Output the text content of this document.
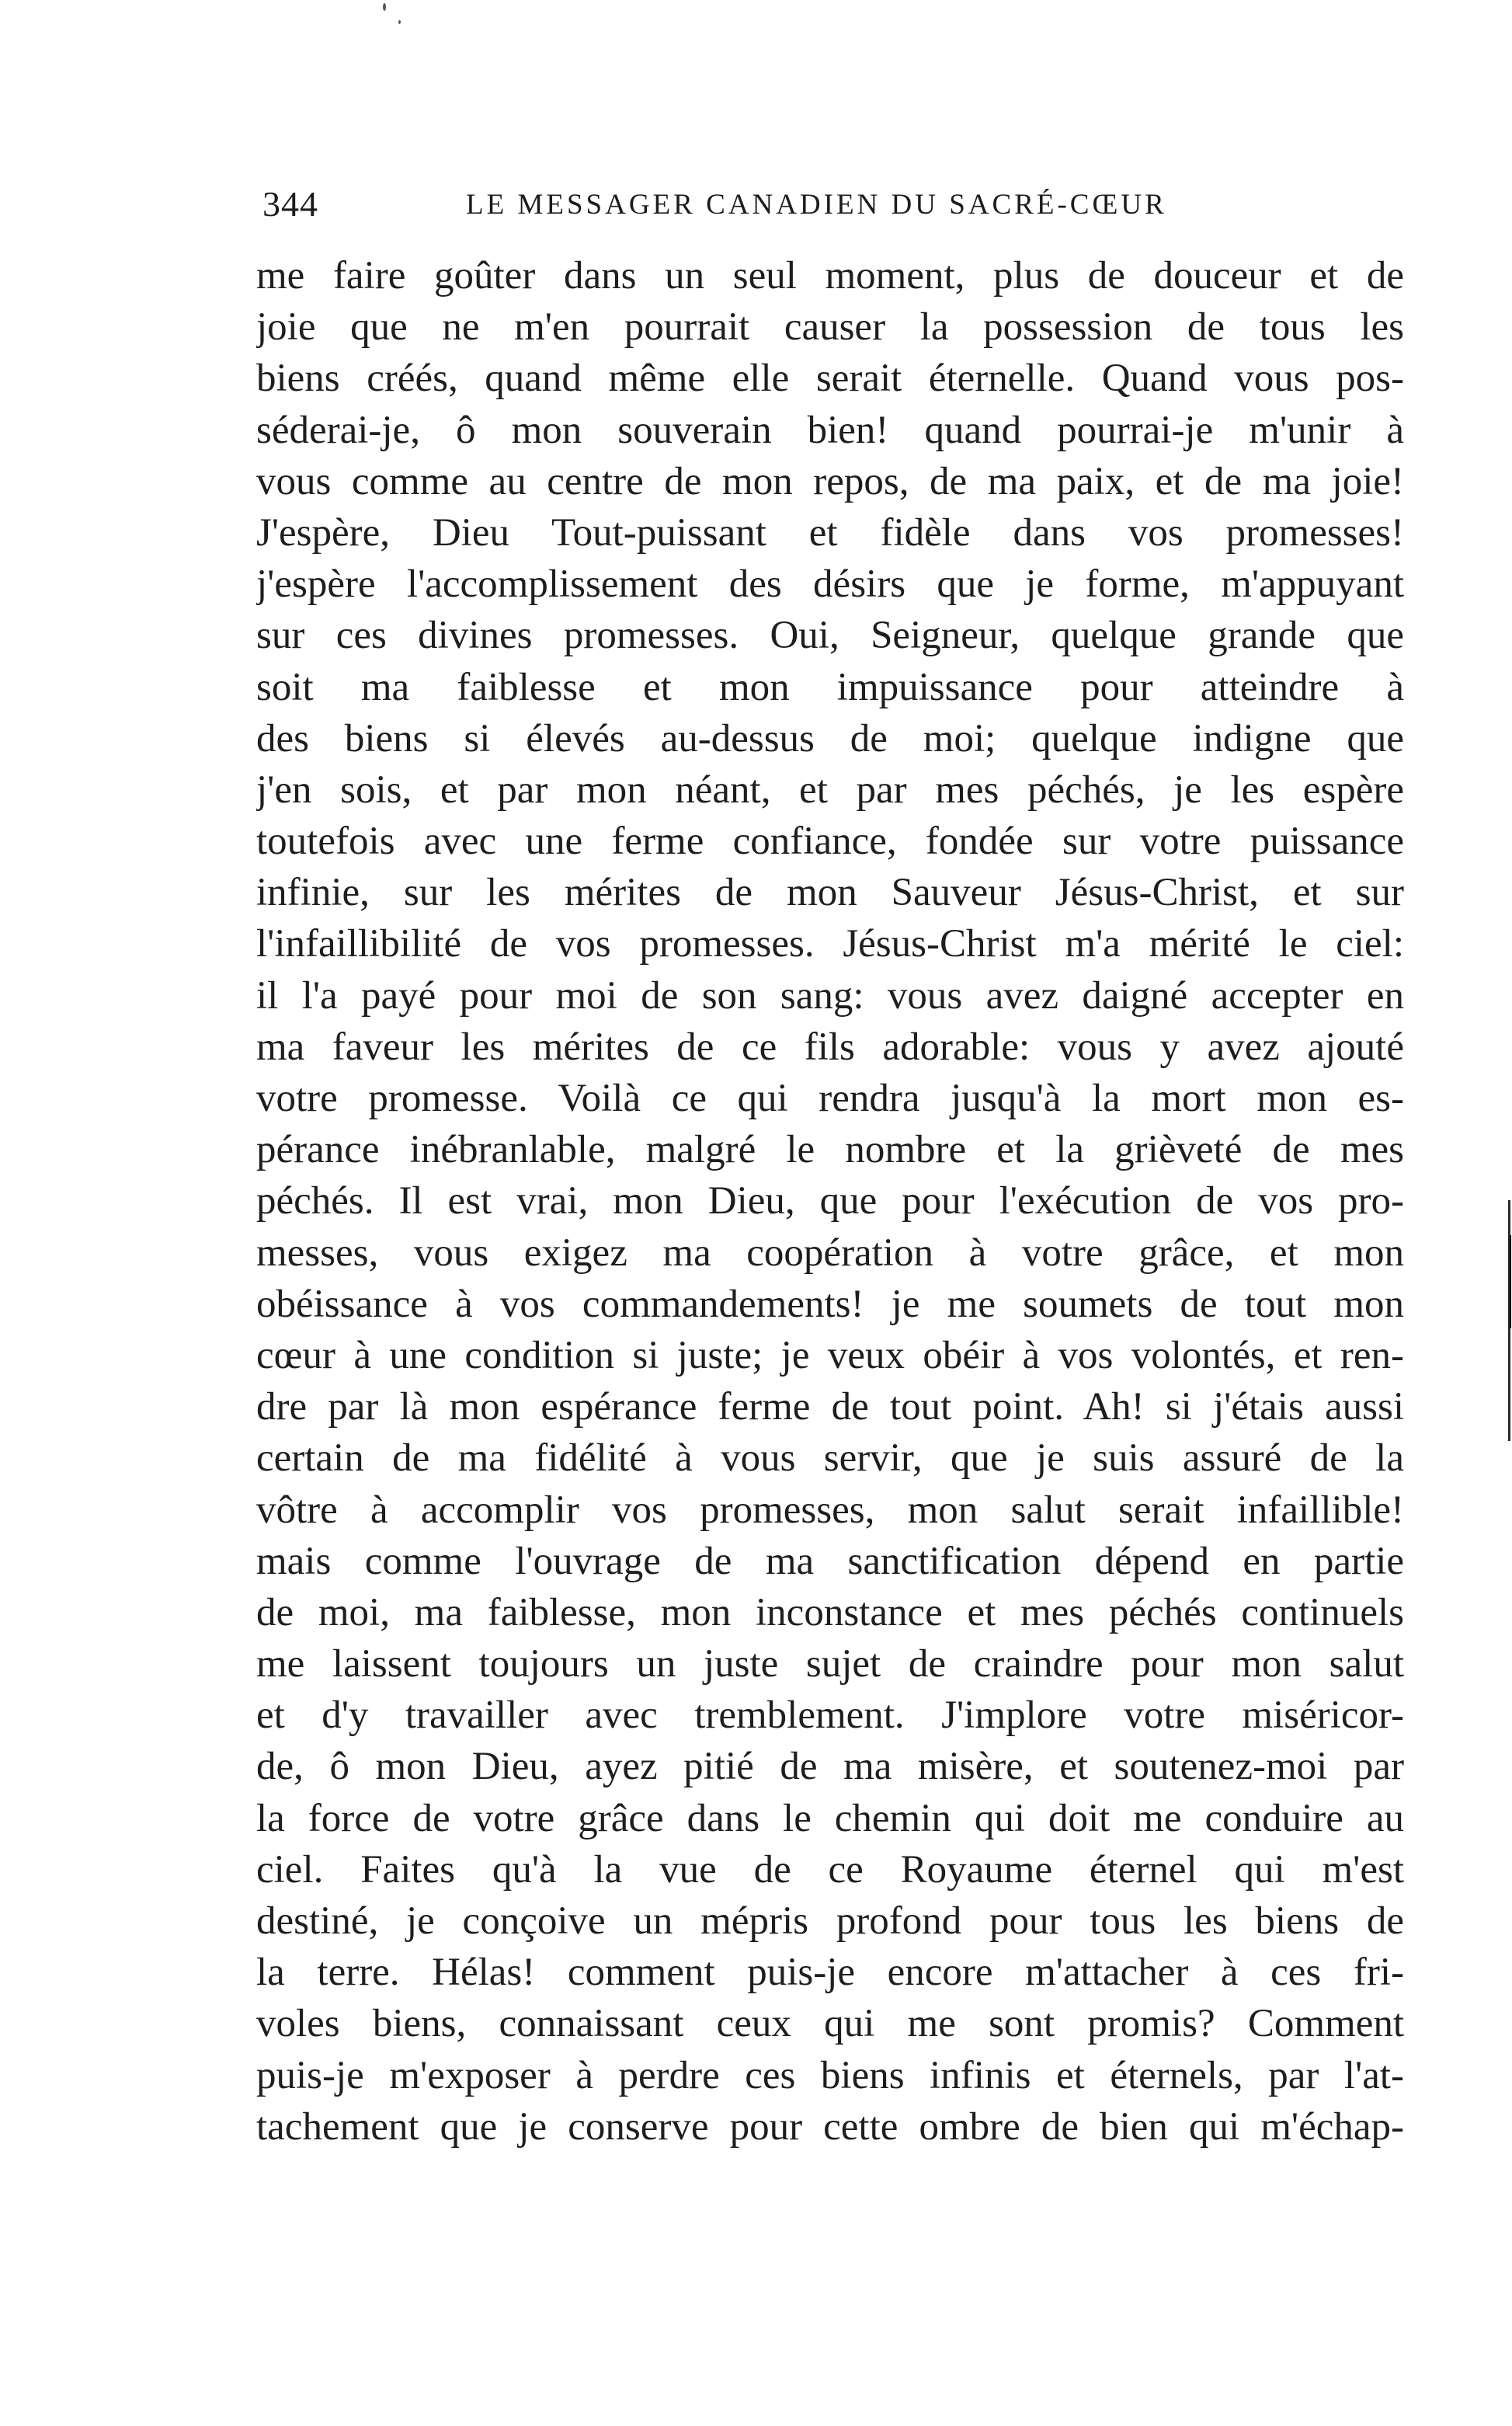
344	LE MESSAGER CANADIEN DU SACRÉ-CŒUR
me faire goûter dans un seul moment, plus de douceur et de
joie que ne m'en pourrait causer la possession de tous les
biens créés, quand même elle serait éternelle. Quand vous pos-
séderai-je, ô mon souverain bien! quand pourrai-je m'unir à
vous comme au centre de mon repos, de ma paix, et de ma joie!
J'espère, Dieu Tout-puissant et fidèle dans vos promesses!
j'espère l'accomplissement des désirs que je forme, m'appuyant
sur ces divines promesses. Oui, Seigneur, quelque grande que
soit ma faiblesse et mon impuissance pour atteindre à
des biens si élevés au-dessus de moi; quelque indigne que
j'en sois, et par mon néant, et par mes péchés, je les espère
toutefois avec une ferme confiance, fondée sur votre puissance
infinie, sur les mérites de mon Sauveur Jésus-Christ, et sur
l'infaillibilité de vos promesses. Jésus-Christ m'a mérité le ciel:
il l'a payé pour moi de son sang: vous avez daigné accepter en
ma faveur les mérites de ce fils adorable: vous y avez ajouté
votre promesse. Voilà ce qui rendra jusqu'à la mort mon es-
pérance inébranlable, malgré le nombre et la grièveté de mes
péchés. Il est vrai, mon Dieu, que pour l'exécution de vos pro-
messes, vous exigez ma coopération à votre grâce, et mon
obéissance à vos commandements! je me soumets de tout mon
cœur à une condition si juste; je veux obéir à vos volontés, et ren-
dre par là mon espérance ferme de tout point. Ah! si j'étais aussi
certain de ma fidélité à vous servir, que je suis assuré de la
vôtre à accomplir vos promesses, mon salut serait infaillible!
mais comme l'ouvrage de ma sanctification dépend en partie
de moi, ma faiblesse, mon inconstance et mes péchés continuels
me laissent toujours un juste sujet de craindre pour mon salut
et d'y travailler avec tremblement. J'implore votre miséricor-
de, ô mon Dieu, ayez pitié de ma misère, et soutenez-moi par
la force de votre grâce dans le chemin qui doit me conduire au
ciel. Faites qu'à la vue de ce Royaume éternel qui m'est
destiné, je conçoive un mépris profond pour tous les biens de
la terre. Hélas! comment puis-je encore m'attacher à ces fri-
voles biens, connaissant ceux qui me sont promis? Comment
puis-je m'exposer à perdre ces biens infinis et éternels, par l'at-
tachement que je conserve pour cette ombre de bien qui m'échap-
